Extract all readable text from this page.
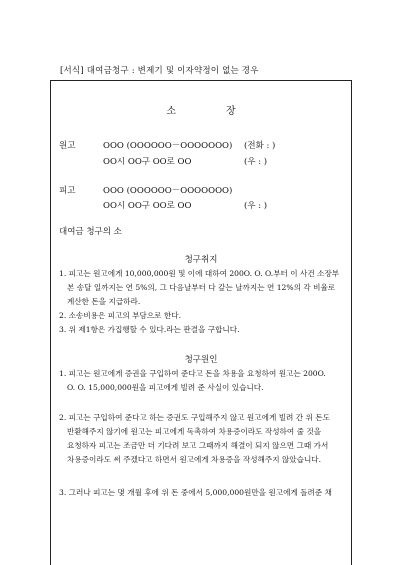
[서식] 대여금청구 : 변제기 및 이자약정이 없는 경우
소	장
원고	OOO (OOOOOO－OOOOOOO) (전화 : )
OO시 OO구 OO로 OO	(우 : )
피고	OOO (OOOOOO－OOOOOOO)
OO시 OO구 OO로 OO	(우 : )
대여금 청구의 소
청구취지

1. 피고는 원고에게 10,000,000원 및 이에 대하여 200O. O. O.부터 이 사건 소장부

본 송달 일까지는 연 5%의, 그 다음날부터 다 갚는 날까지는 연 12%의 각 비율로

계산한 돈을 지급하라.

2. 소송비용은 피고의 부담으로 한다.

3. 위 제1항은 가집행할 수 있다.라는 판결을 구합니다.

청구원인

1. 피고는 원고에게 증권을 구입하여 준다고 돈을 차용을 요청하여 원고는 200O.

O. O. 15,000,000원을 피고에게 빌려 준 사실이 있습니다.

2. 피고는 구입하여 준다고 하는 증권도 구입해주지 않고 원고에게 빌려 간 위 돈도

반환해주지 않기에 원고는 피고에게 독촉하여 차용증이라도 작성하여 줄 것을

요청하자 피고는 조금만 더 기다려 보고 그때까지 해결이 되지 않으면 그때 가서

차용증이라도 써 주겠다고 하면서 원고에게 차용증을 작성해주지 않았습니다.

3. 그러나 피고는 몇 개월 후에 위 돈 중에서 5,000,000원만을 원고에게 돌려준 채
